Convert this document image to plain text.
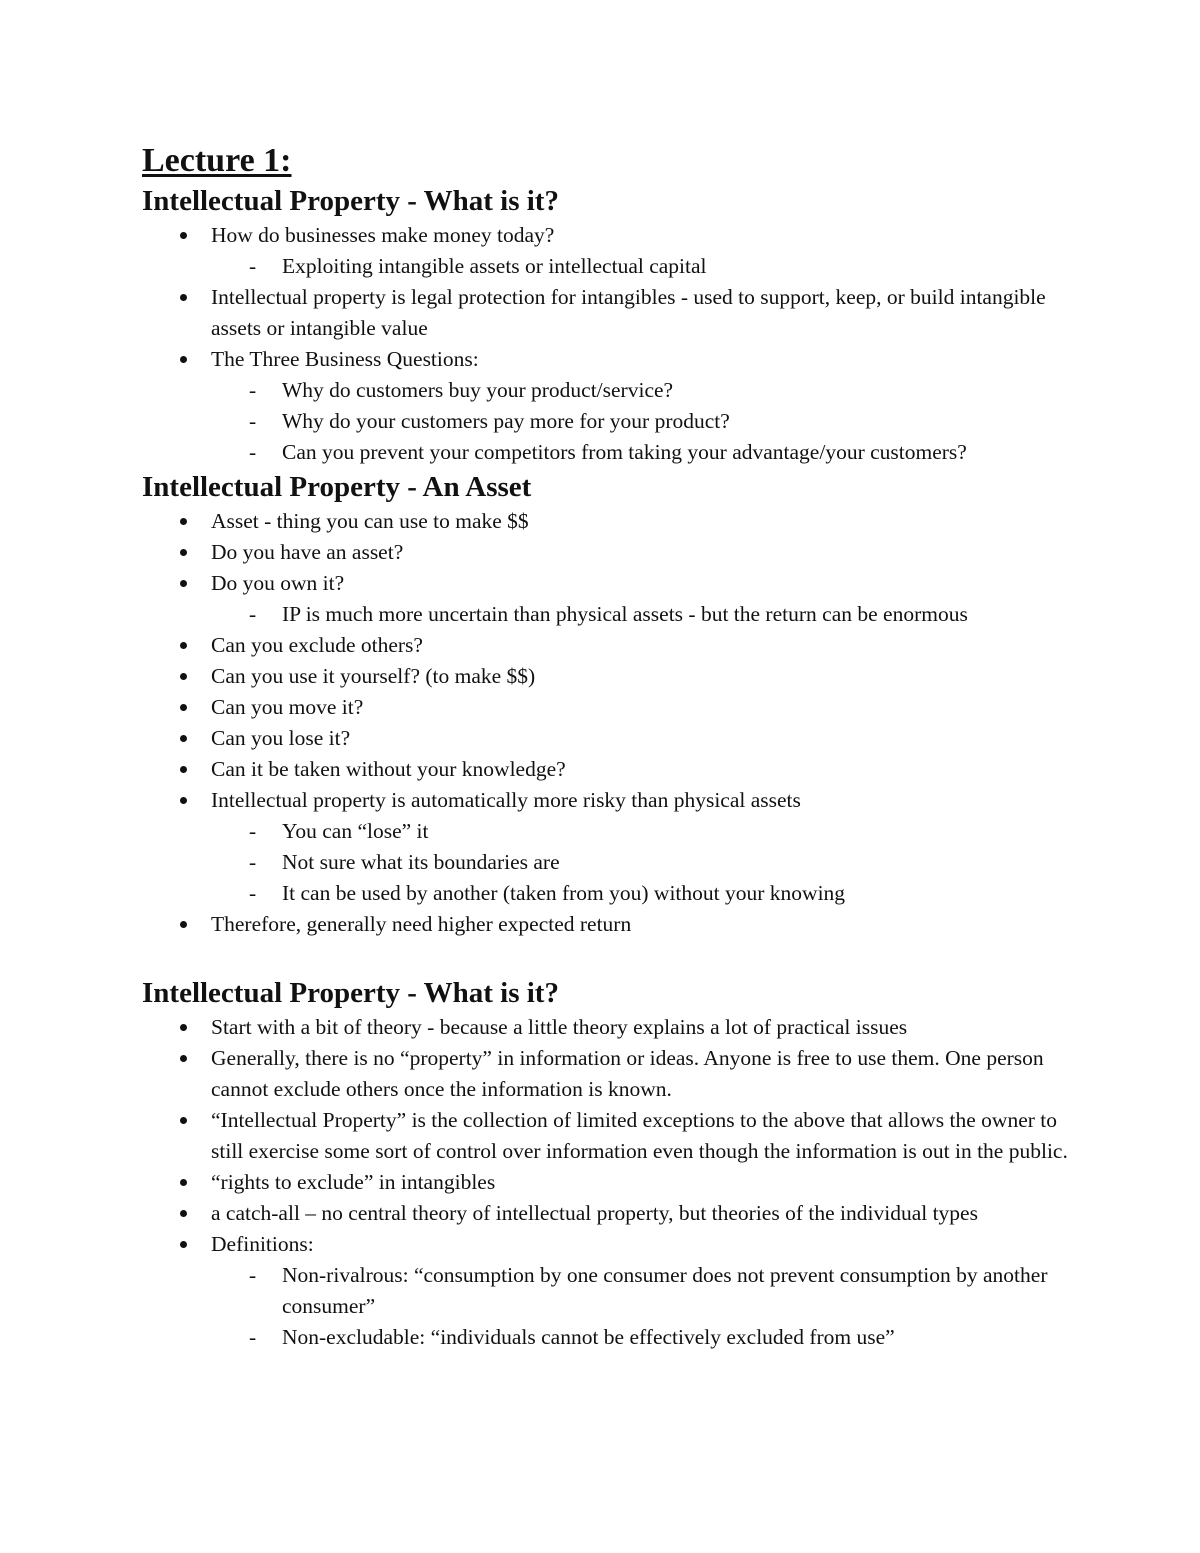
Lecture 1:
Intellectual Property - What is it?
How do businesses make money today?
- Exploiting intangible assets or intellectual capital
Intellectual property is legal protection for intangibles - used to support, keep, or build intangible assets or intangible value
The Three Business Questions:
- Why do customers buy your product/service?
- Why do your customers pay more for your product?
- Can you prevent your competitors from taking your advantage/your customers?
Intellectual Property - An Asset
Asset - thing you can use to make $$
Do you have an asset?
Do you own it?
- IP is much more uncertain than physical assets - but the return can be enormous
Can you exclude others?
Can you use it yourself? (to make $$)
Can you move it?
Can you lose it?
Can it be taken without your knowledge?
Intellectual property is automatically more risky than physical assets
- You can “lose” it
- Not sure what its boundaries are
- It can be used by another (taken from you) without your knowing
Therefore, generally need higher expected return
Intellectual Property - What is it?
Start with a bit of theory - because a little theory explains a lot of practical issues
Generally, there is no “property” in information or ideas. Anyone is free to use them. One person cannot exclude others once the information is known.
“Intellectual Property” is the collection of limited exceptions to the above that allows the owner to still exercise some sort of control over information even though the information is out in the public.
“rights to exclude” in intangibles
a catch-all – no central theory of intellectual property, but theories of the individual types
Definitions:
- Non-rivalrous: “consumption by one consumer does not prevent consumption by another consumer”
- Non-excludable: “individuals cannot be effectively excluded from use”
